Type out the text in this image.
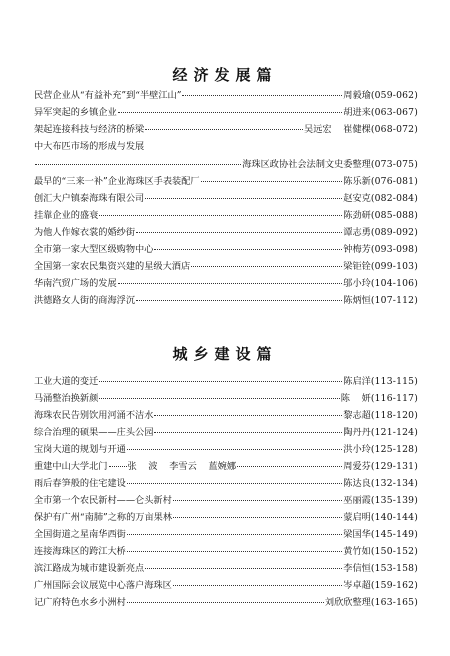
经济发展篇
民营企业从“有益补充”到“半壁江山”	周毅瑜 (059-062)
异军突起的乡镇企业	胡进来 (063-067)
架起连接科技与经济的桥梁	吴远宏    崔健棵 (068-072)
中大布匹市场的形成与发展
海珠区政协社会法制文史委整理 (073-075)
最早的“三来一补”企业海珠区手表装配厂	陈乐新 (076-081)
创汇大户镇泰海珠有限公司	赵安克 (082-084)
挂靠企业的盛衰	陈劲研 (085-088)
为他人作嫁衣裳的婚纱街	谭志勇 (089-092)
全市第一家大型区级购物中心	钟梅芳 (093-098)
全国第一家农民集资兴建的星级大酒店	梁钜铨 (099-103)
华南汽贸广场的发展	邬小玲 (104-106)
洪德路女人街的商海浮沉	陈炳恒 (107-112)
城乡建设篇
工业大道的变迁	陈启洋 (113-115)
马涌整治换新颜	陈    妍 (116-117)
海珠农民告别饮用河涌不洁水	黎志超 (118-120)
综合治理的硕果——庄头公园	陶丹丹 (121-124)
宝岗大道的规划与开通	洪小玲 (125-128)
重建中山大学北门 张    波    李雪云    蓝婉娜	周爱芬 (129-131)
雨后春笋般的住宅建设	陈达良 (132-134)
全市第一个农民新村——仑头新村	巫丽霞 (135-139)
保护有广州“南肺”之称的万亩果林	蒙启明 (140-144)
全国街道之星南华西街	梁国华 (145-149)
连接海珠区的跨江大桥	黄竹如 (150-152)
滨江路成为城市建设新亮点	李信恒 (153-158)
广州国际会议展览中心落户海珠区	岑卓超 (159-162)
记广府特色水乡小洲村	刘欣欣整理 (163-165)
